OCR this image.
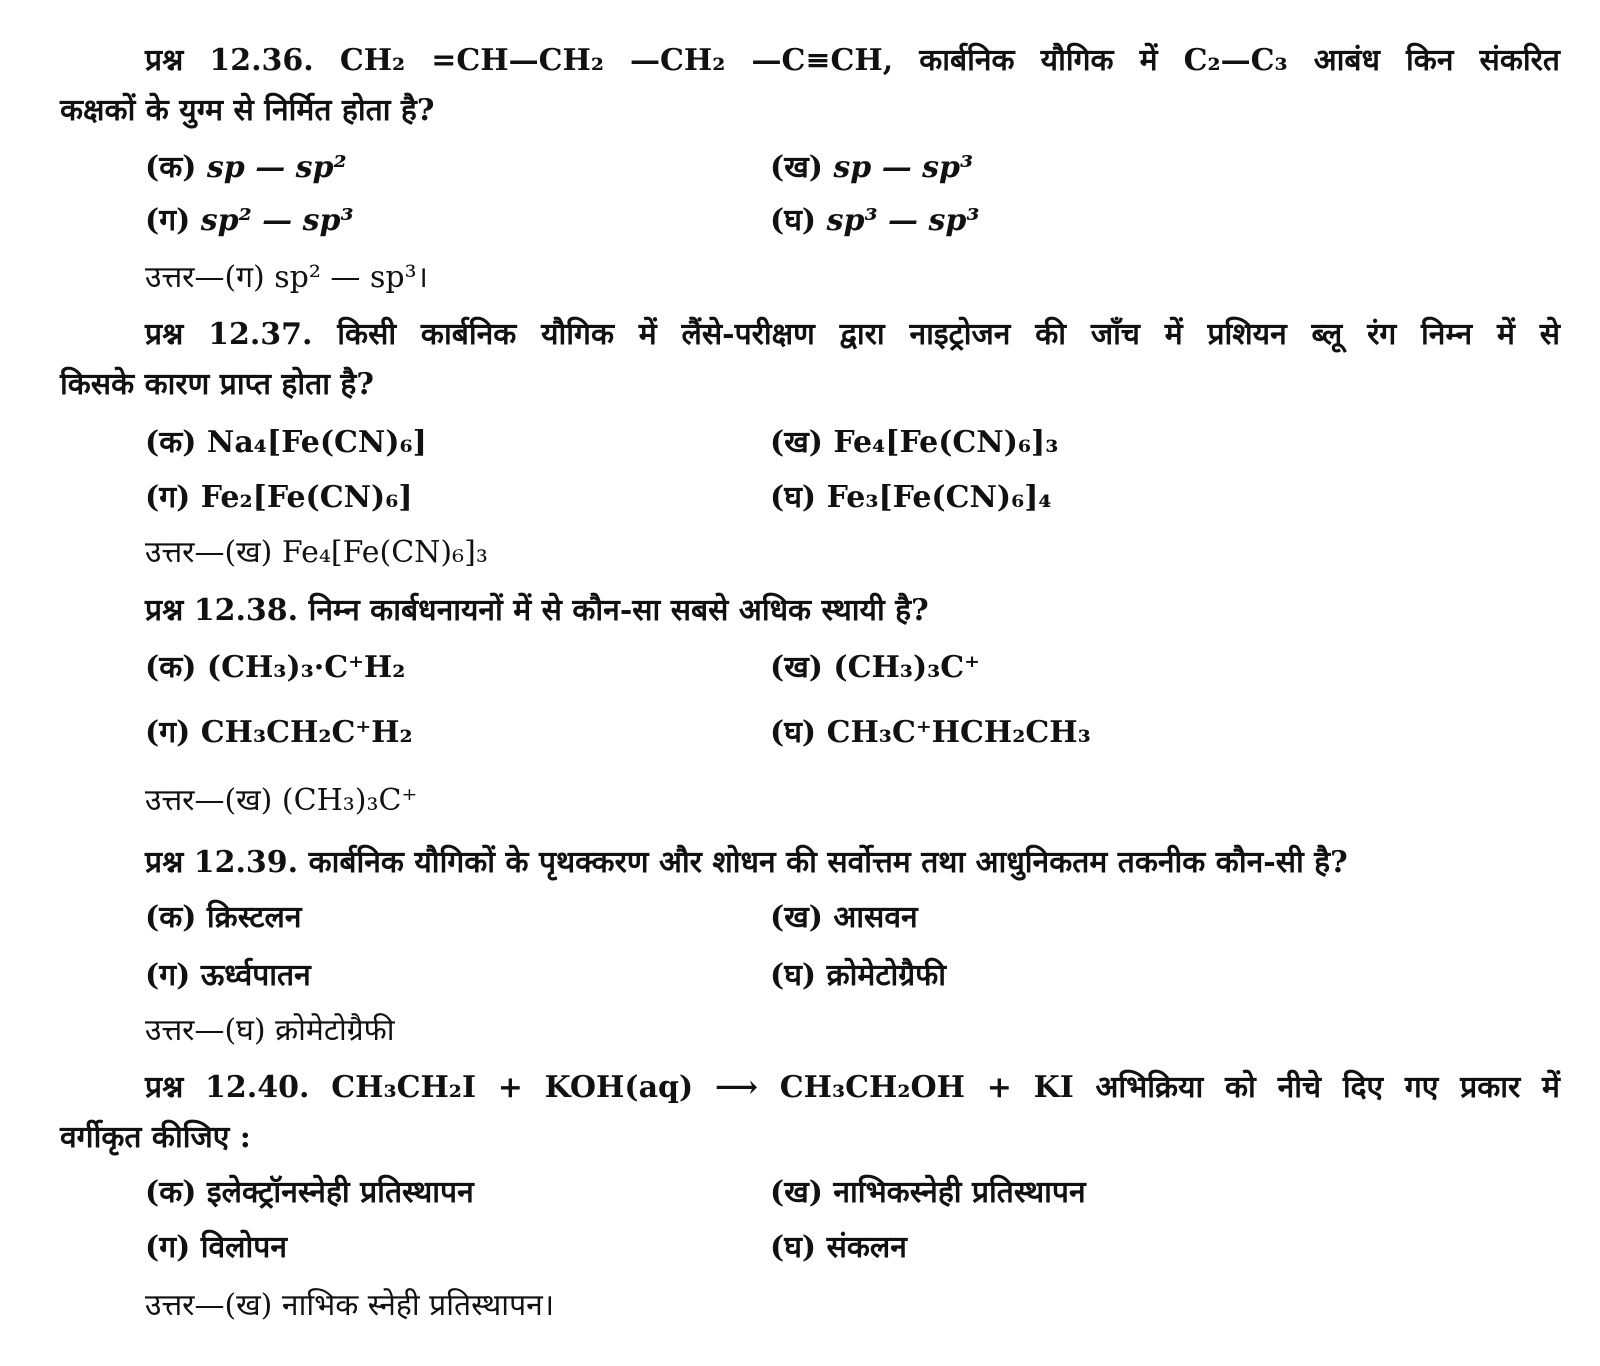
प्रश्न 12.36. CH₂ =CH—CH₂ —CH₂ —C≡CH, कार्बनिक यौगिक में C₂—C₃ आबंध किन संकरित
कक्षकों के युग्म से निर्मित होता है?
(क) sp — sp²	(ख) sp — sp³
(ग) sp² — sp³	(घ) sp³ — sp³
उत्तर—(ग) sp² — sp³।
प्रश्न 12.37. किसी कार्बनिक यौगिक में लैंसे-परीक्षण द्वारा नाइट्रोजन की जाँच में प्रशियन ब्लू रंग निम्न में से
किसके कारण प्राप्त होता है?
(क) Na₄[Fe(CN)₆]	(ख) Fe₄[Fe(CN)₆]₃
(ग) Fe₂[Fe(CN)₆]	(घ) Fe₃[Fe(CN)₆]₄
उत्तर—(ख) Fe₄[Fe(CN)₆]₃
प्रश्न 12.38. निम्न कार्बधनायनों में से कौन-सा सबसे अधिक स्थायी है?
(क) (CH₃)₃·C⁺H₂	(ख) (CH₃)₃C⁺
(ग) CH₃CH₂C⁺H₂	(घ) CH₃C⁺HCH₂CH₃
उत्तर—(ख) (CH₃)₃C⁺
प्रश्न 12.39. कार्बनिक यौगिकों के पृथक्करण और शोधन की सर्वोत्तम तथा आधुनिकतम तकनीक कौन-सी है?
(क) क्रिस्टलन	(ख) आसवन
(ग) ऊर्ध्वपातन	(घ) क्रोमेटोग्रैफी
उत्तर—(घ) क्रोमेटोग्रैफी
प्रश्न 12.40. CH₃CH₂I + KOH(aq) ⟶ CH₃CH₂OH + KI अभिक्रिया को नीचे दिए गए प्रकार में
वर्गीकृत कीजिए :
(क) इलेक्ट्रॉनस्नेही प्रतिस्थापन	(ख) नाभिकस्नेही प्रतिस्थापन
(ग) विलोपन	(घ) संकलन
उत्तर—(ख) नाभिक स्नेही प्रतिस्थापन।
